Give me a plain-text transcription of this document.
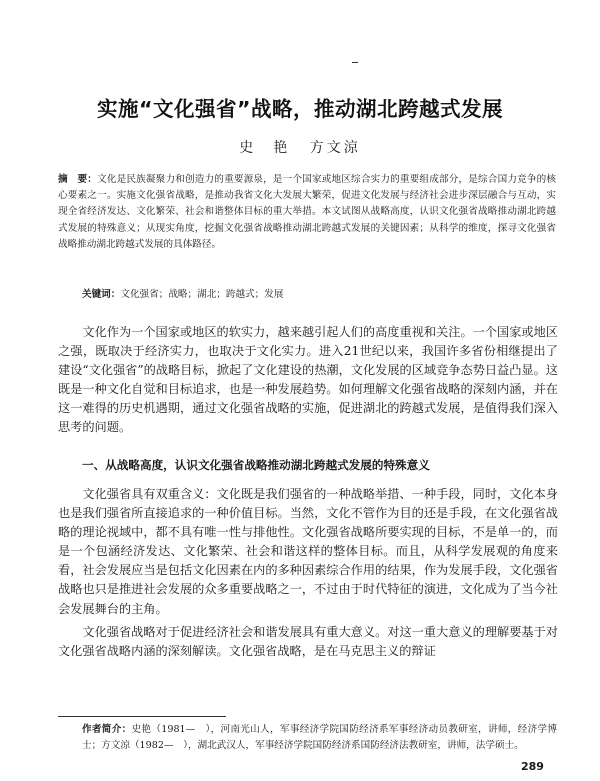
实施“文化强省”战略，推动湖北跨越式发展
史　艳 方文涼
摘　要：文化是民族凝聚力和创造力的重要源泉，是一个国家或地区综合实力的重要组成部分，是综合国力竞争的核心要素之一。实施文化强省战略，是推动我省文化大发展大繁荣，促进文化发展与经济社会进步深层融合与互动，实现全省经济发达、文化繁荣、社会和谐整体目标的重大举措。本文试图从战略高度，认识文化强省战略推动湖北跨越式发展的特殊意义；从现实角度，挖掘文化强省战略推动湖北跨越式发展的关键因素；从科学的维度，探寻文化强省战略推动湖北跨越式发展的具体路径。
关键词：文化强省；战略；湖北；跨越式；发展

文化作为一个国家或地区的软实力，越来越引起人们的高度重视和关注。一个国家或地区之强，既取决于经济实力，也取决于文化实力。进入21世纪以来，我国许多省份相继提出了建设“文化强省”的战略目标，掀起了文化建设的热潮，文化发展的区域竞争态势日益凸显。这既是一种文化自觉和目标追求，也是一种发展趋势。如何理解文化强省战略的深刻内涵，并在这一难得的历史机遇期，通过文化强省战略的实施，促进湖北的跨越式发展，是值得我们深入思考的问题。

一、从战略高度，认识文化强省战略推动湖北跨越式发展的特殊意义

文化强省具有双重含义：文化既是我们强省的一种战略举措、一种手段，同时，文化本身也是我们强省所直接追求的一种价值目标。当然，文化不管作为目的还是手段，在文化强省战略的理论视域中，都不具有唯一性与排他性。文化强省战略所要实现的目标，不是单一的，而是一个包涵经济发达、文化繁荣、社会和谐这样的整体目标。而且，从科学发展观的角度来看，社会发展应当是包括文化因素在内的多种因素综合作用的结果，作为发展手段，文化强省战略也只是推进社会发展的众多重要战略之一，不过由于时代特征的演进，文化成为了当今社会发展舞台的主角。

文化强省战略对于促进经济社会和谐发展具有重大意义。对这一重大意义的理解要基于对文化强省战略内涵的深刻解读。文化强省战略，是在马克思主义的辩证

作者简介：史艳（1981—　），河南光山人，军事经济学院国防经济系军事经济动员教研室，讲师，经济学博士；方文涼（1982—　），湖北武汉人，军事经济学院国防经济系国防经济法教研室，讲师，法学硕士。
289
